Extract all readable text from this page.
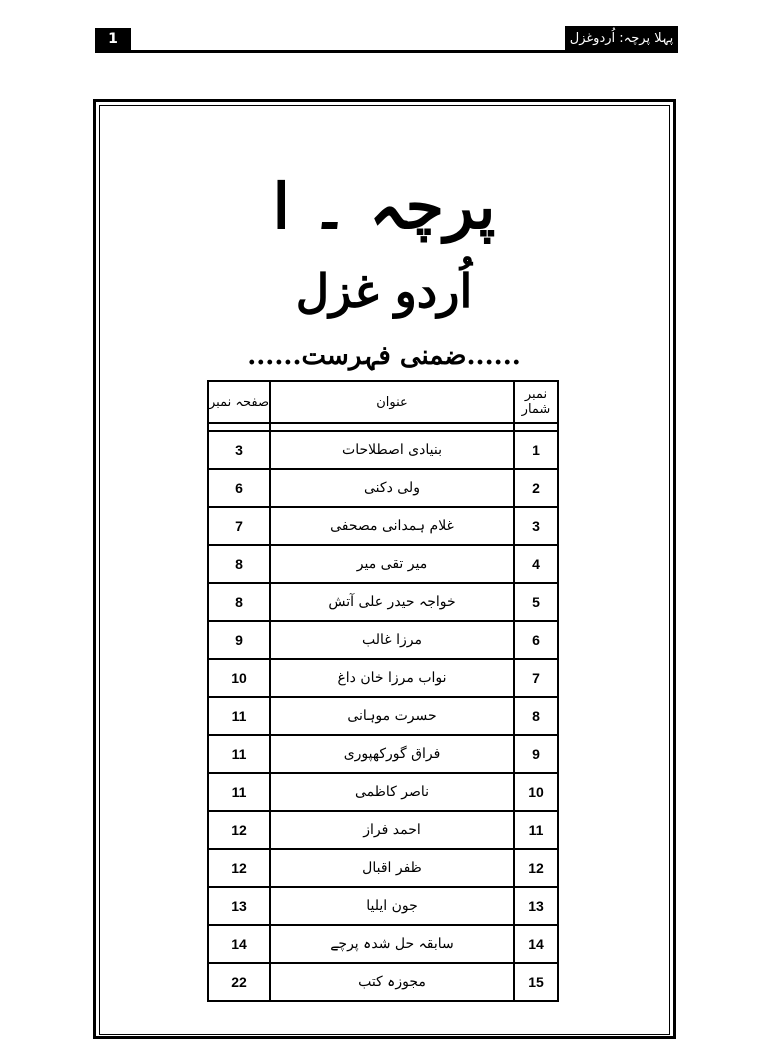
1	پہلا پرچہ: اُردوغزل
پرچہ ۔ ا
اُردو غزل
......ضمنی فہرست......
صفحہ نمبر	عنوان	نمبر شمار

3	بنیادی اصطلاحات	1
6	ولی دکنی	2
7	غلام ہمدانی مصحفی	3
8	میر تقی میر	4
8	خواجہ حیدر علی آتش	5
9	مرزا غالب	6
10	نواب مرزا خان داغ	7
11	حسرت موہانی	8
11	فراق گورکھپوری	9
11	ناصر کاظمی	10
12	احمد فراز	11
12	ظفر اقبال	12
13	جون ایلیا	13
14	سابقہ حل شدہ پرچے	14
22	مجوزہ کتب	15
